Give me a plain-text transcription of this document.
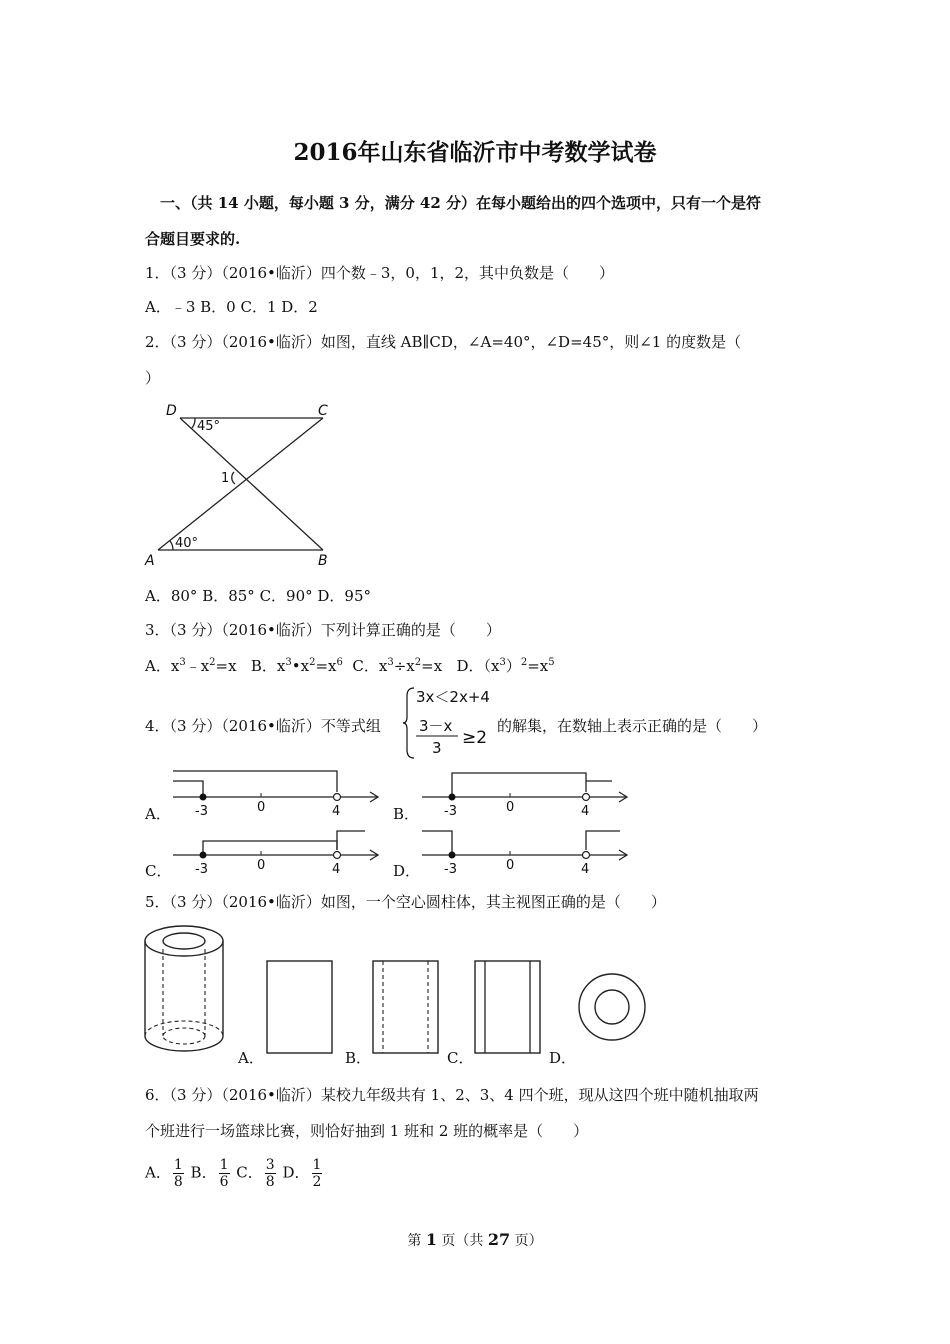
2016年山东省临沂市中考数学试卷
一、（共 14 小题，每小题 3 分，满分 42 分）在每小题给出的四个选项中，只有一个是符
合题目要求的.
1．（3 分）（2016•临沂）四个数﹣3，0，1，2，其中负数是（　　）
A．﹣3 B．0 C．1 D．2
2．（3 分）（2016•临沂）如图，直线 AB∥CD，∠A=40°，∠D=45°，则∠1 的度数是（
）
D	C
A	B
45°
40°
1
A．80° B．85° C．90° D．95°
3．（3 分）（2016•临沂）下列计算正确的是（　　）
A．$x^3﹣x^2=x$ B．$x^3•x^2=x^6$ C．$x^3\div x^2=x$ D．$(x^3)^2=x^5$
4．（3 分）（2016•临沂）不等式组
3x＜2x+4
3－x
3 ≥2
的解集，在数轴上表示正确的是（　　）
A． -3	0	4	B． -3	0	4
C． -3	0	4	D． -3	0	4
5．（3 分）（2016•临沂）如图，一个空心圆柱体，其主视图正确的是（　　）
A．	B．	C．	D．
6．（3 分）（2016•临沂）某校九年级共有 1、2、3、4 四个班，现从这四个班中随机抽取两
个班进行一场篮球比赛，则恰好抽到 1 班和 2 班的概率是（　　）
A． $\frac{1}{8}$ B． $\frac{1}{6}$ C． $\frac{3}{8}$ D． $\frac{1}{2}$
第 1 页（共 27 页）
